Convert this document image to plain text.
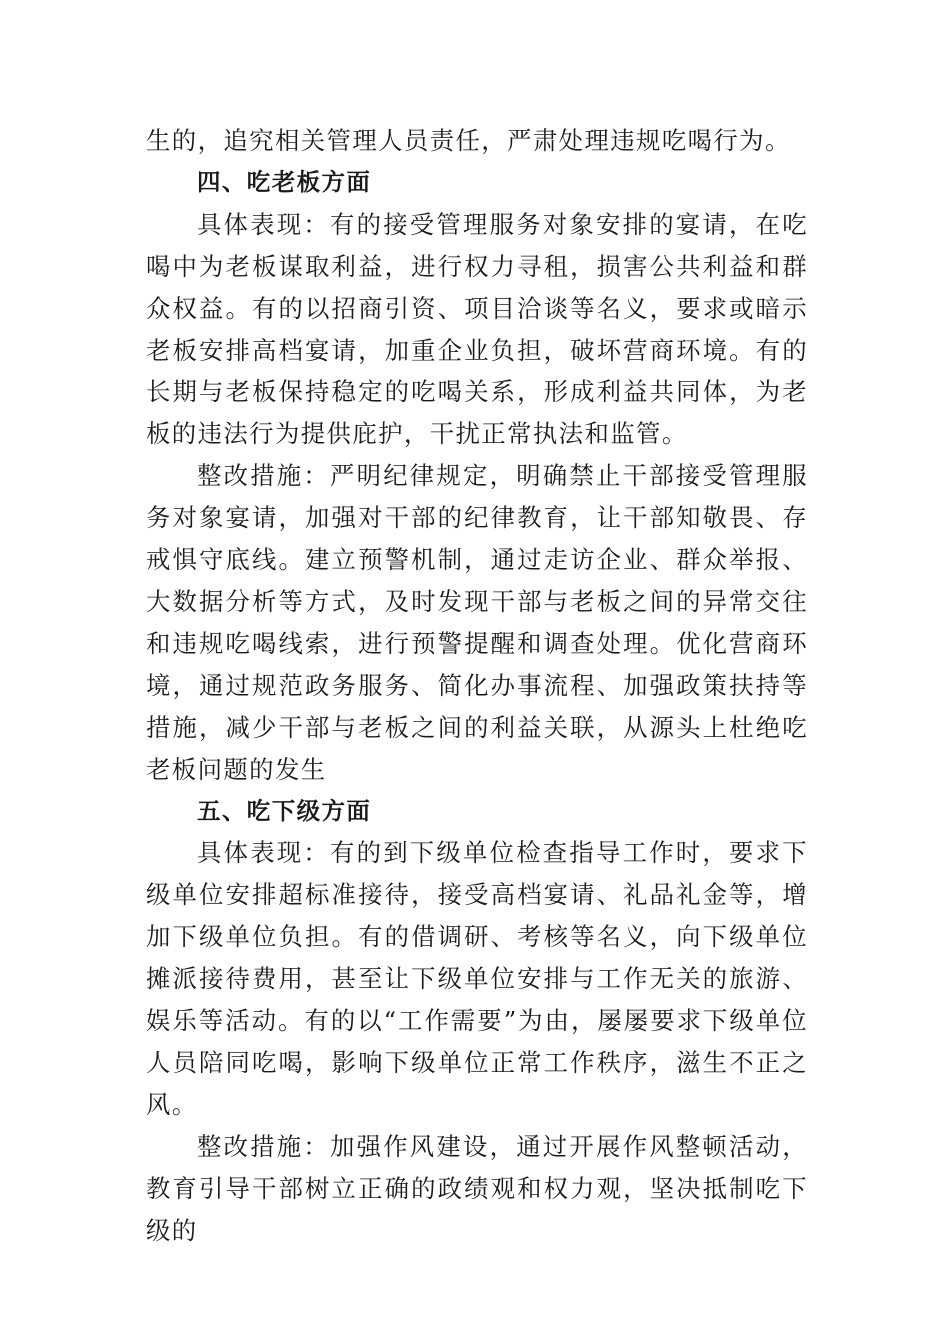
生的，追究相关管理人员责任，严肃处理违规吃喝行为。

四、吃老板方面

具体表现：有的接受管理服务对象安排的宴请，在吃喝中为老板谋取利益，进行权力寻租，损害公共利益和群众权益。有的以招商引资、项目洽谈等名义，要求或暗示老板安排高档宴请，加重企业负担，破坏营商环境。有的长期与老板保持稳定的吃喝关系，形成利益共同体，为老板的违法行为提供庇护，干扰正常执法和监管。

整改措施：严明纪律规定，明确禁止干部接受管理服务对象宴请，加强对干部的纪律教育，让干部知敬畏、存戒惧守底线。建立预警机制，通过走访企业、群众举报、大数据分析等方式，及时发现干部与老板之间的异常交往和违规吃喝线索，进行预警提醒和调查处理。优化营商环境，通过规范政务服务、简化办事流程、加强政策扶持等措施，减少干部与老板之间的利益关联，从源头上杜绝吃老板问题的发生

五、吃下级方面

具体表现：有的到下级单位检查指导工作时，要求下级单位安排超标准接待，接受高档宴请、礼品礼金等，增加下级单位负担。有的借调研、考核等名义，向下级单位摊派接待费用，甚至让下级单位安排与工作无关的旅游、娱乐等活动。有的以“工作需要”为由，屡屡要求下级单位人员陪同吃喝，影响下级单位正常工作秩序，滋生不正之风。

整改措施：加强作风建设，通过开展作风整顿活动，教育引导干部树立正确的政绩观和权力观，坚决抵制吃下级的
